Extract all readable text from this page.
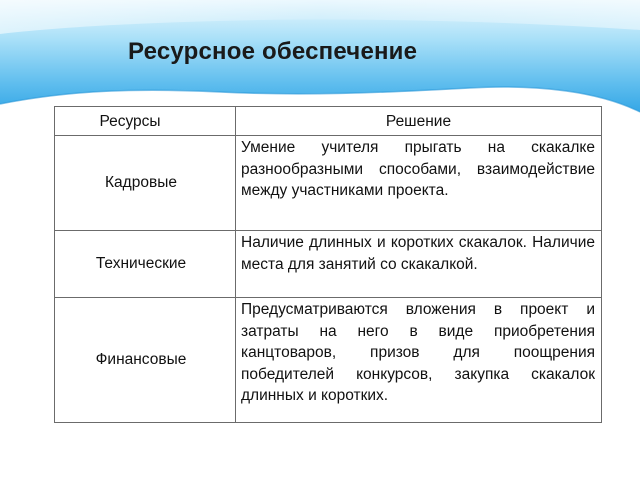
Ресурсное обеспечение
Ресурсы	Решение

Кадровые	Умение учителя прыгать на скакалке разнообразными способами, взаимодействие между участниками проекта.

Технические	Наличие длинных и коротких скакалок. Наличие места для занятий со скакалкой.

Финансовые	Предусматриваются вложения в проект и затраты на него в виде приобретения канцтоваров, призов для поощрения победителей конкурсов, закупка скакалок длинных и коротких.
